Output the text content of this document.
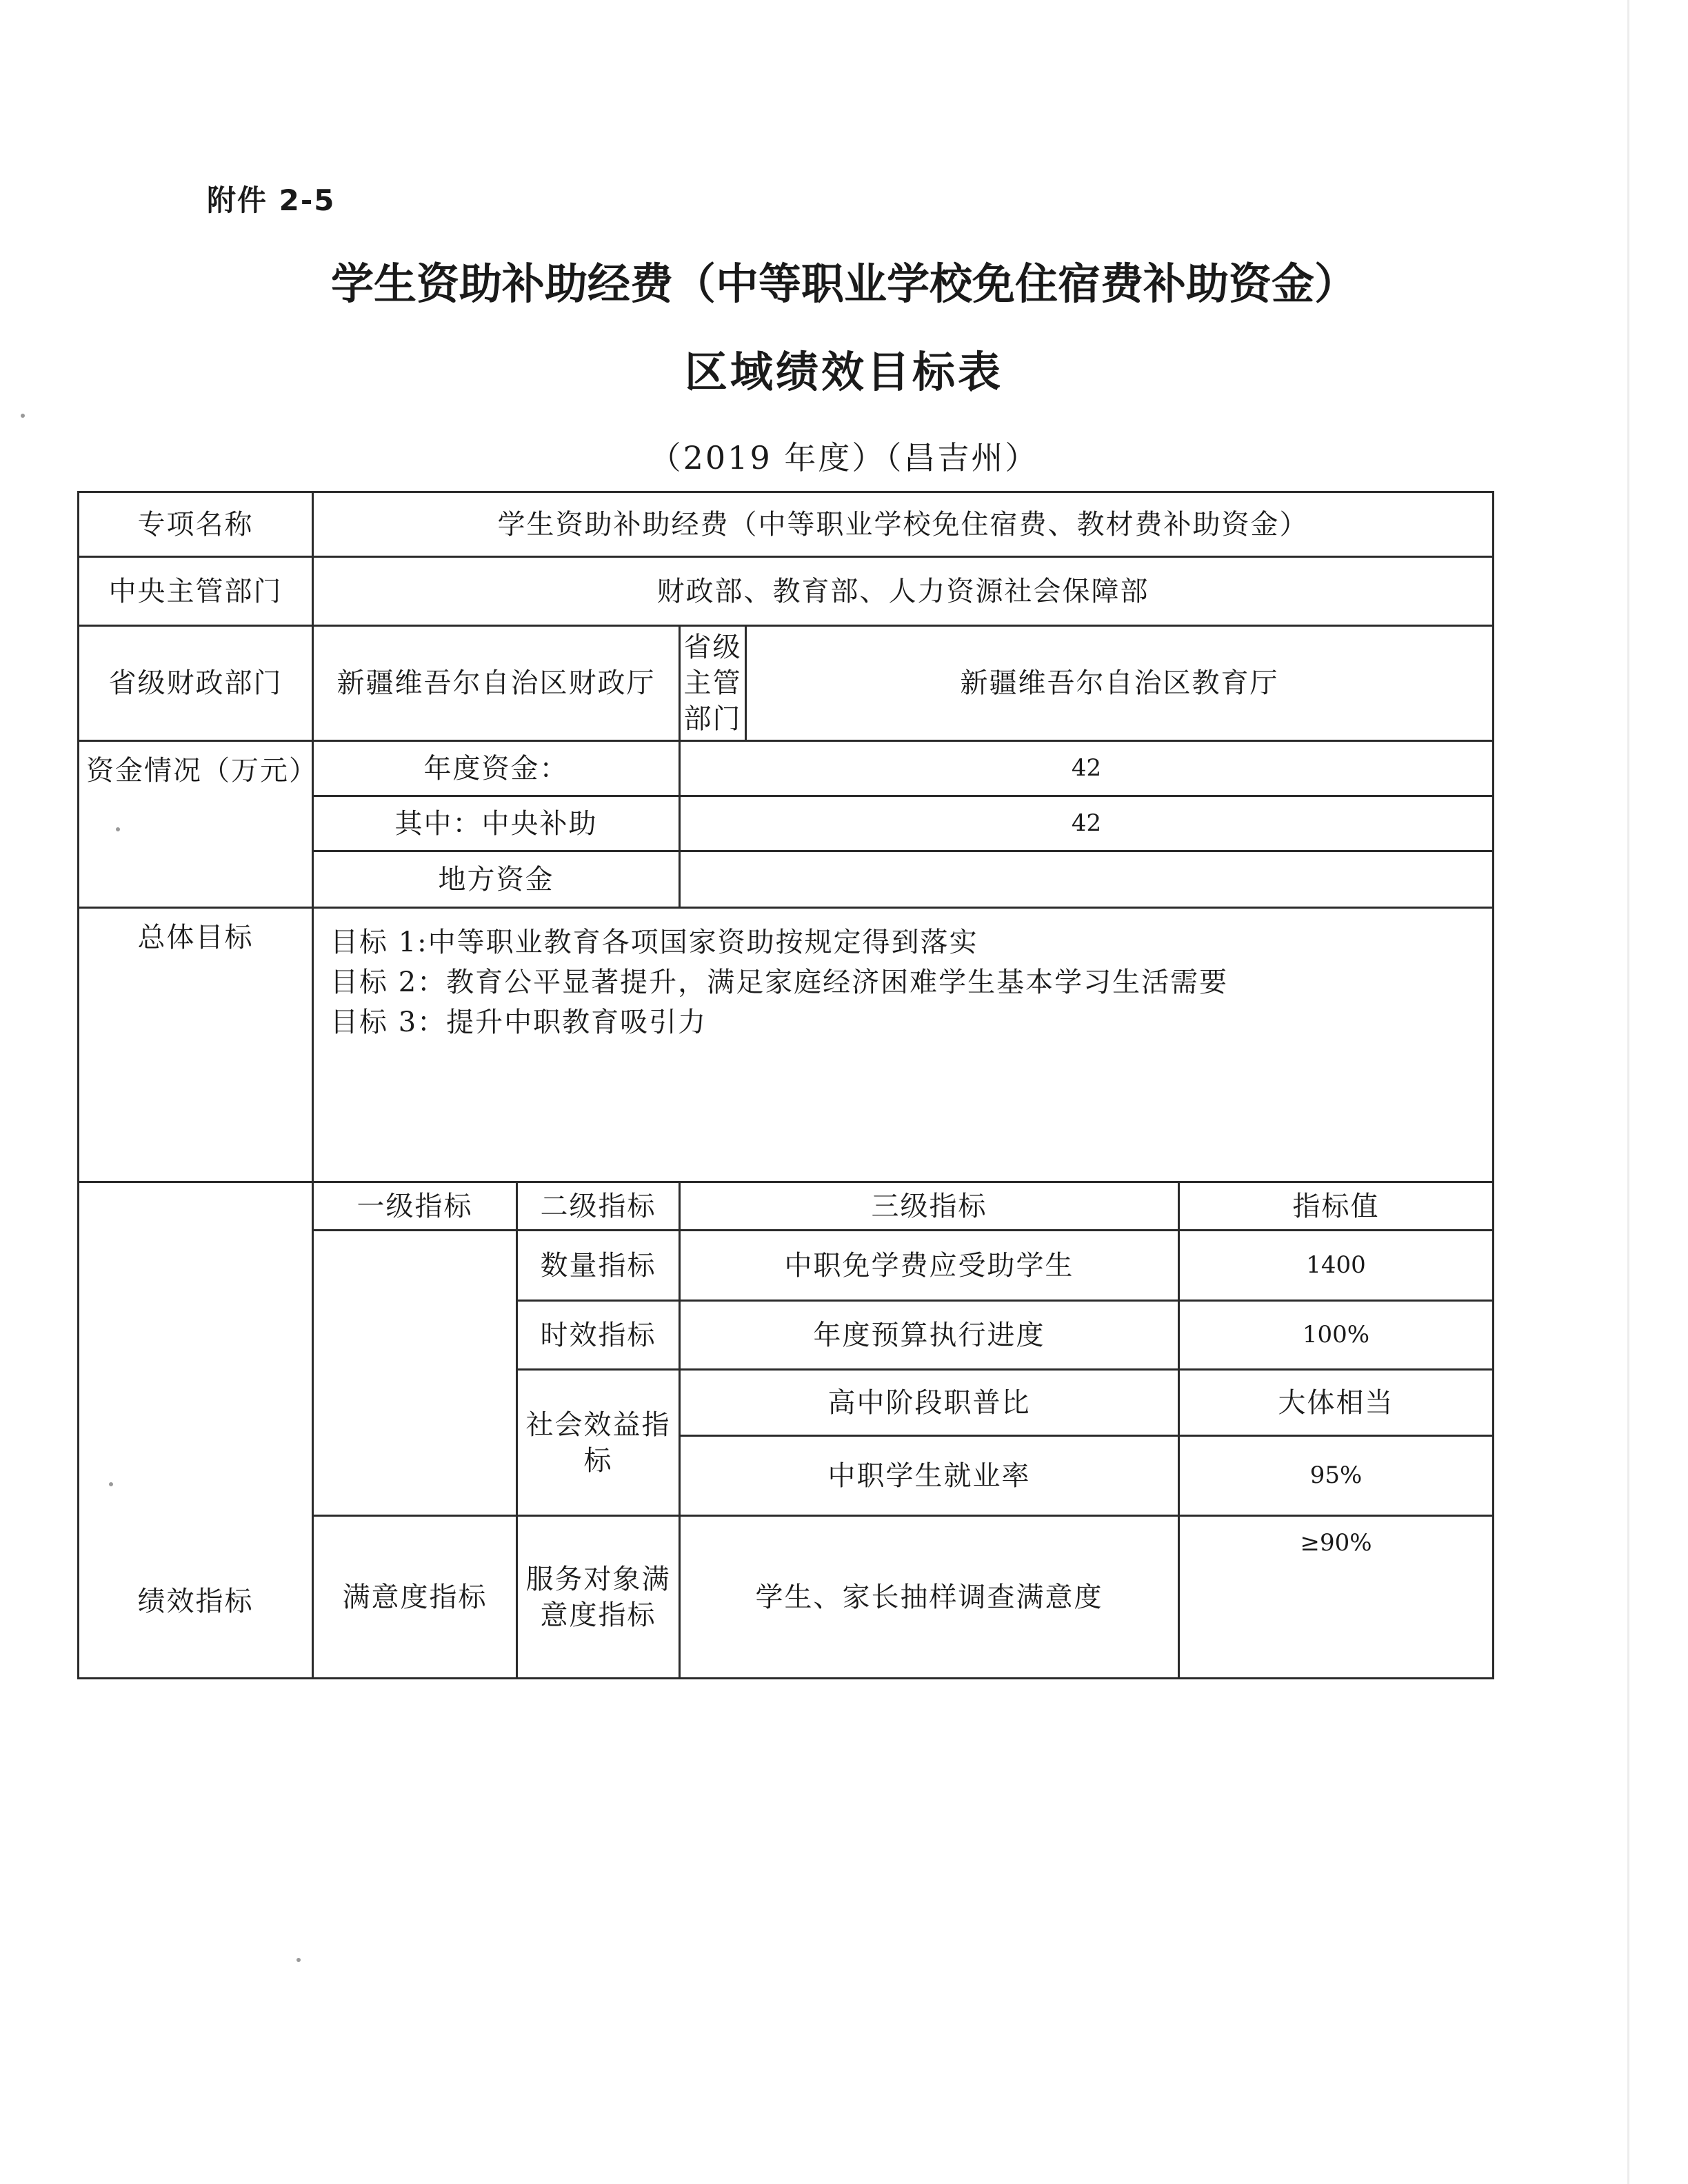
附件 2-5
学生资助补助经费（中等职业学校免住宿费补助资金）
区域绩效目标表
（2019 年度）（昌吉州）
专项名称	学生资助补助经费（中等职业学校免住宿费、教材费补助资金）				
中央主管部门	财政部、教育部、人力资源社会保障部				
省级财政部门	新疆维吾尔自治区财政厅		省级主管部门	新疆维吾尔自治区教育厅	
资金情况（万元）	年度资金：		42		
	其中：中央补助		42		
	地方资金				
总体目标	目标 1:中等职业教育各项国家资助按规定得到落实
目标 2：教育公平显著提升，满足家庭经济困难学生基本学习生活需要
目标 3：提升中职教育吸引力				

绩效指标	一级指标	二级指标	三级指标		指标值
		数量指标	中职免学费应受助学生		1400
		时效指标	年度预算执行进度		100%
		社会效益指标	高中阶段职普比		大体相当
			中职学生就业率		95%
	满意度指标	服务对象满意度指标	学生、家长抽样调查满意度		≥90%
